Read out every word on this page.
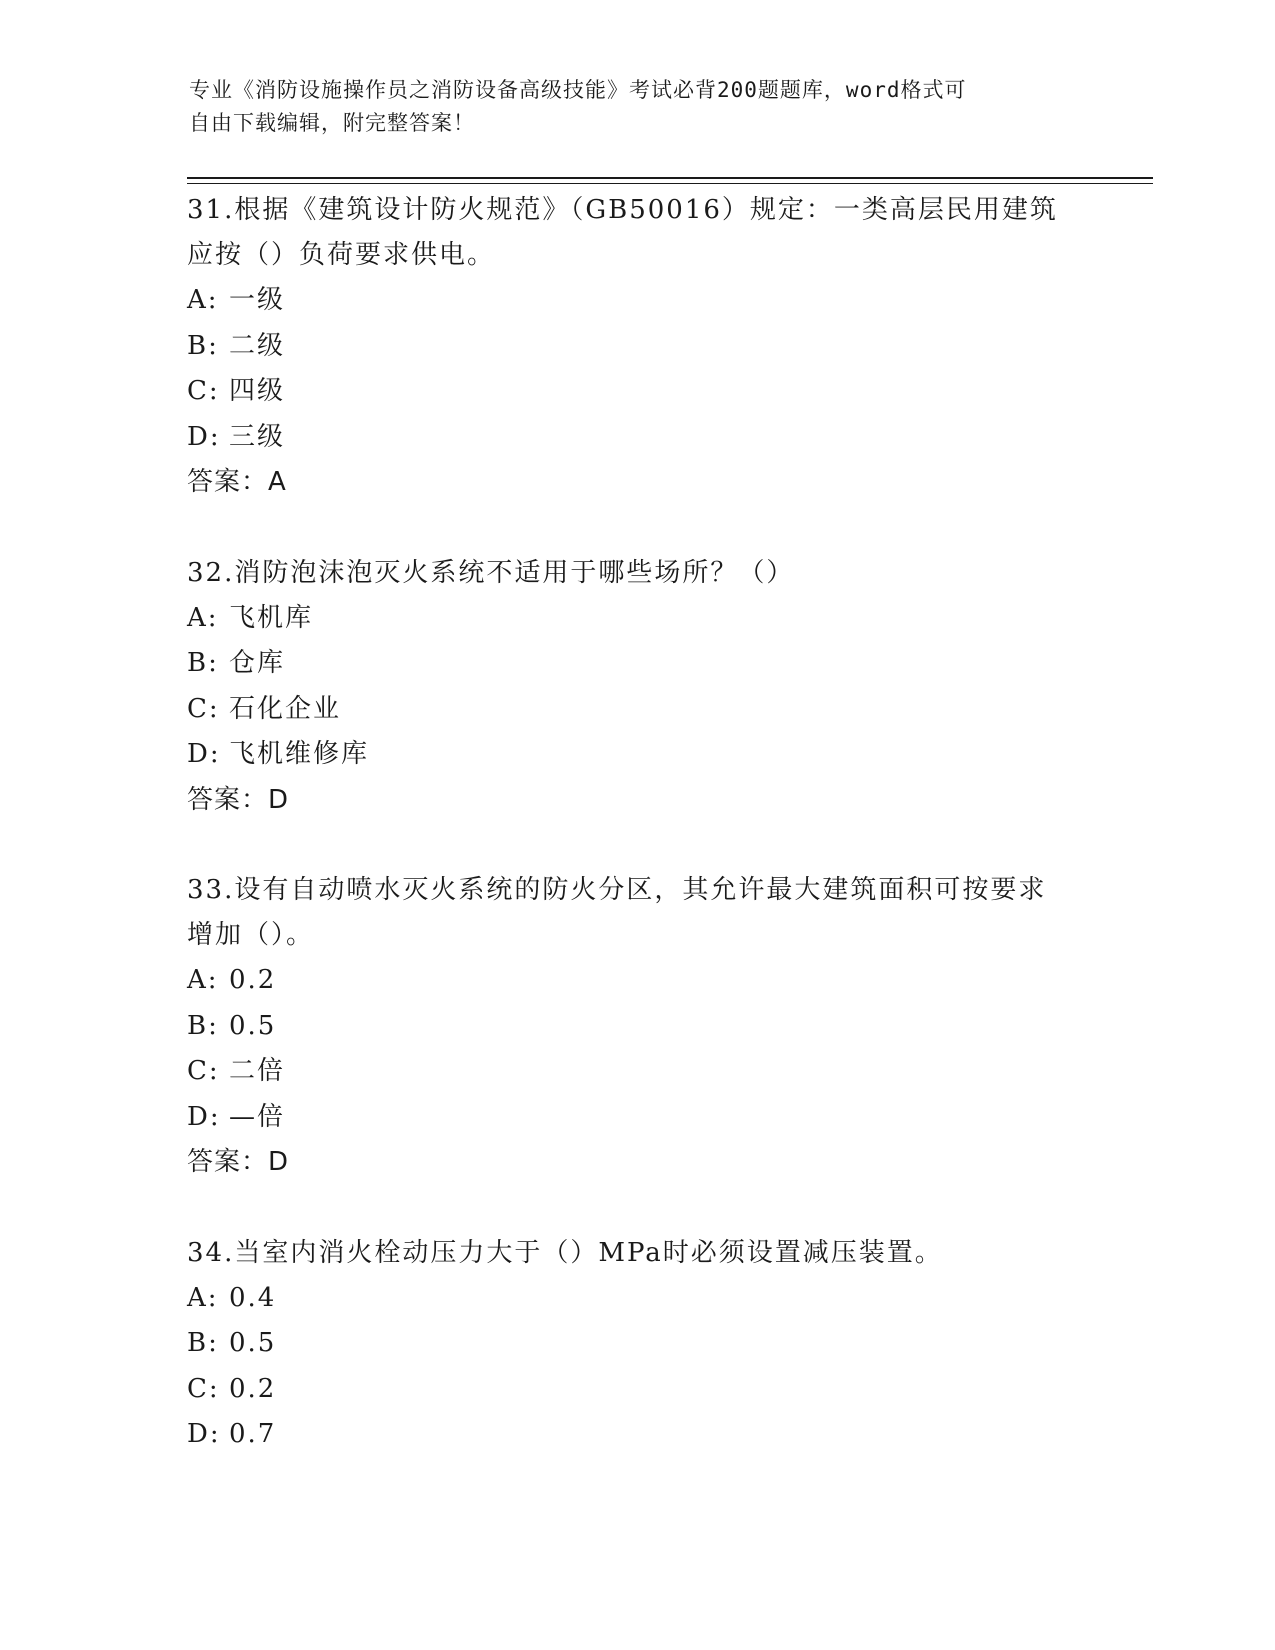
专业《消防设施操作员之消防设备高级技能》考试必背200题题库，word格式可
自由下载编辑，附完整答案！
31.根据《建筑设计防火规范》（GB50016）规定：一类高层民用建筑
应按（）负荷要求供电。
A: 一级
B: 二级
C: 四级
D: 三级
答案：A
32.消防泡沫泡灭火系统不适用于哪些场所？（）
A: 飞机库
B: 仓库
C: 石化企业
D: 飞机维修库
答案：D
33.设有自动喷水灭火系统的防火分区，其允许最大建筑面积可按要求
增加（）。
A: 0.2
B: 0.5
C: 二倍
D: —倍
答案：D
34.当室内消火栓动压力大于（）MPa时必须设置减压装置。
A: 0.4
B: 0.5
C: 0.2
D: 0.7
